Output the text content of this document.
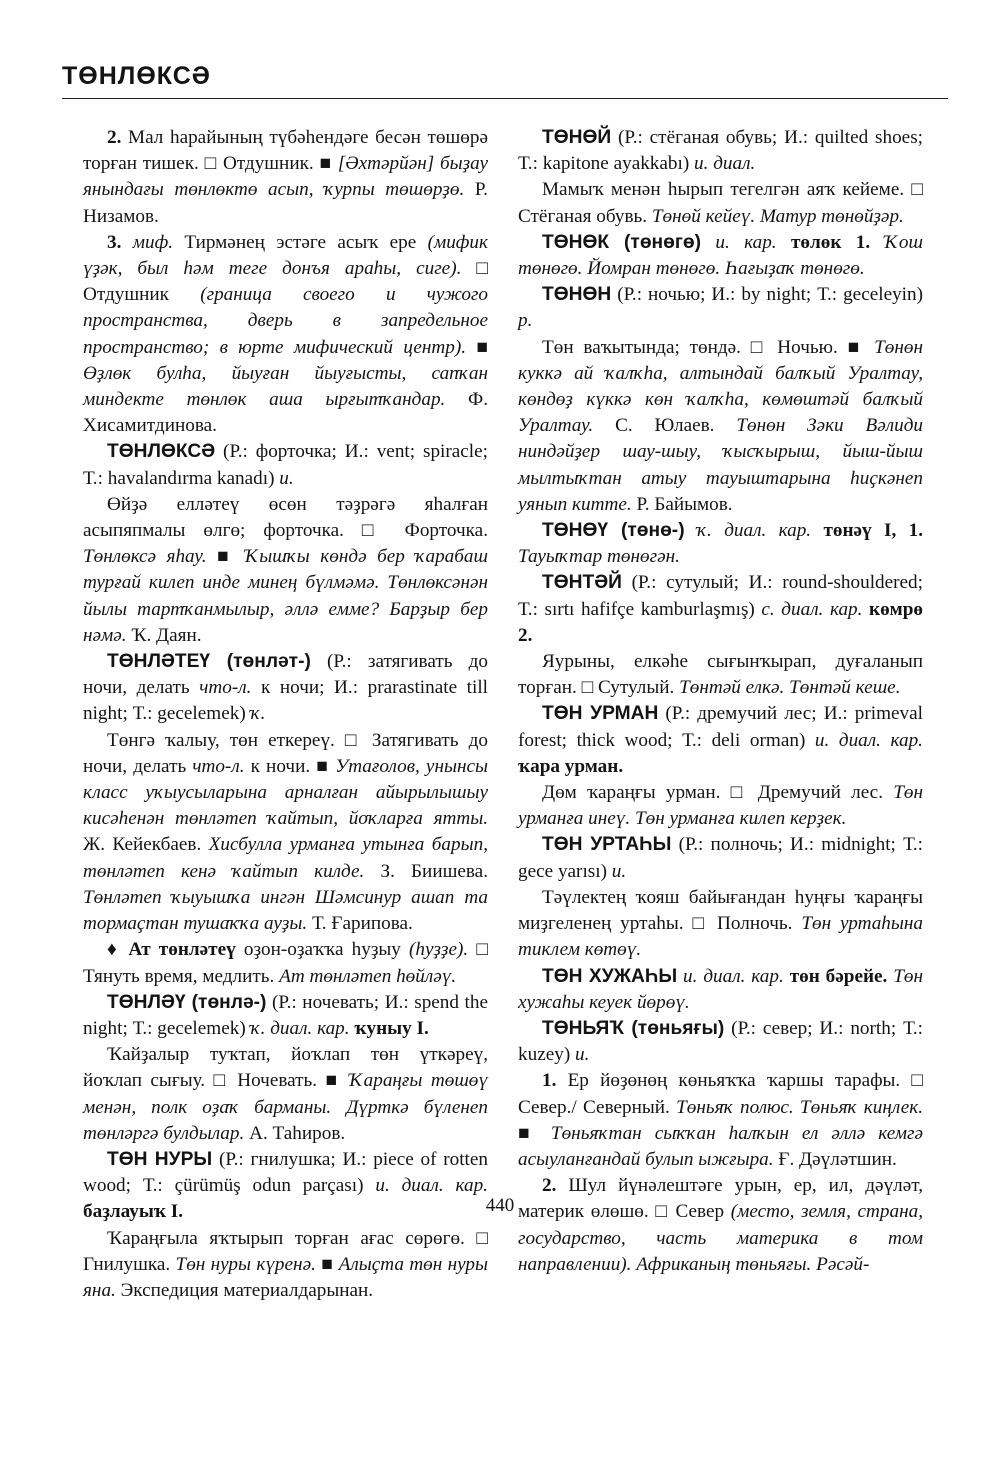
ТӨНЛӨКСӘ

2. Мал һарайының түбәһендәге бесән төшөрә торған тишек. □ Отдушник. ■ [Әхтәрйән] быҙау янындағы төнлөктө асып, ҡурпы төшөрҙө. Р. Низамов.

3. миф. Тирмәнең эстәге асыҡ ере (мифик үҙәк, был һәм теге донъя араһы, сиге). □ Отдушник (граница своего и чужого пространства, дверь в запредельное пространство; в юрте мифический центр). ■ Өҙлөк булһа, йыуған йыуғысты, сапҡан миндекте төнлөк аша ырғытҡандар. Ф. Хисамитдинова.

ТӨНЛӨКСӘ (Р.: форточка; И.: vent; spiracle; Т.: havalandırma kanadı) и.

Өйҙә елләтеү өсөн тәҙрәгә яһалған асыпяпмалы өлгө; форточка. □ Форточка. Төнлөксә яһау. ■ Ҡышҡы көндә бер ҡарабаш турғай килеп инде минең бүлмәмә. Төнлөксәнән йылы тартҡанмылыр, әллә емме? Барҙыр бер нәмә. Ҡ. Даян.

ТӨНЛӘТЕҮ (төнләт-) (Р.: затягивать до ночи, делать что-л. к ночи; И.: prarastinate till night; Т.: gecelemek) ҡ.

Төнгә ҡалыу, төн еткереү. □ Затягивать до ночи, делать что-л. к ночи. ■ Утағолов, унынсы класс уҡыусыларына арналған айырылышыу кисәһенән төнләтеп ҡайтып, йоҡларға ятты. Ж. Кейекбаев. Хисбулла урманға утынға барып, төнләтеп кенә ҡайтып килде. З. Биишева. Төнләтеп ҡыуышҡа ингән Шәмсинур ашап та тормаҫтан тушаҡҡа ауҙы. Т. Ғарипова.

♦ Ат төнләтеү оҙон-оҙаҡҡа һуҙыу (һуҙҙе). □ Тянуть время, медлить. Ат төнләтеп һөйләү.

ТӨНЛӘҮ (төнлә-) (Р.: ночевать; И.: spend the night; Т.: gecelemek) ҡ. диал. кар. ҡуныу I.

Ҡайҙалыр туҡтап, йоҡлап төн үткәреү, йоҡлап сығыу. □ Ночевать. ■ Ҡараңғы төшөү менән, полк оҙаҡ барманы. Дүрткә бүленеп төнләргә булдылар. А. Таһиров.

ТӨН НУРЫ (Р.: гнилушка; И.: piece of rotten wood; Т.: çürümüş odun parçası) и. диал. кар. баҙлауыҡ I.

Ҡараңғыла яҡтырып торған ағас сөрөгө. □ Гнилушка. Төн нуры күренә. ■ Алыҫта төн нуры яна. Экспедиция материалдарынан.

ТӨНӨЙ (Р.: стёганая обувь; И.: quilted shoes; Т.: kapitone ayakkabı) и. диал.

Мамыҡ менән һырып тегелгән аяҡ кейеме. □ Стёганая обувь. Төнөй кейеү. Матур төнөйҙәр.

ТӨНӨК (төнөгө) и. кар. төлөк 1. Ҡош төнөгө. Йомран төнөгө. Һағыҙаҡ төнөгө.

ТӨНӨН (Р.: ночью; И.: by night; Т.: geceleyin) р.

Төн ваҡытында; төндә. □ Ночью. ■ Төнөн куккә ай ҡалҡһа, алтындай балҡый Уралтау, көндөҙ күккә көн ҡалҡһа, көмөштәй балҡый Уралтау. С. Юлаев. Төнөн Зәки Вәлиди ниндәйҙер шау-шыу, ҡысҡырыш, йыш-йыш мылтыҡтан атыу тауыштарына һиҫкәнеп уянып китте. Р. Байымов.

ТӨНӨҮ (төнө-) ҡ. диал. кар. төнәү I, 1. Тауыҡтар төнөгән.

ТӨНТӘЙ (Р.: сутулый; И.: round-shouldered; Т.: sırtı hafifçe kamburlaşmış) с. диал. кар. көмрө 2.

Яурыны, елкәһе сығынҡырап, дуғаланып торған. □ Сутулый. Төнтәй елкә. Төнтәй кеше.

ТӨН УРМАН (Р.: дремучий лес; И.: primeval forest; thick wood; Т.: deli orman) и. диал. кар. ҡара урман.

Дөм ҡараңғы урман. □ Дремучий лес. Төн урманға инеү. Төн урманға килеп керҙек.

ТӨН УРТАҺЫ (Р.: полночь; И.: midnight; Т.: gece yarısı) и.

Тәүлектең ҡояш байығандан һуңғы ҡараңғы миҙгеленең уртаһы. □ Полночь. Төн уртаһына тиклем көтөү.

ТӨН ХУЖАҺЫ и. диал. кар. төн бәрейе. Төн хужаһы кеуек йөрөү.

ТӨНЬЯҠ (төньяғы) (Р.: север; И.: north; Т.: kuzey) и.

1. Ер йөҙөнөң көньяҡҡа ҡаршы тарафы. □ Север./ Северный. Төньяҡ полюс. Төньяҡ киңлек. ■ Төньяҡтан сыҡҡан һалҡын ел әллә кемгә асыуланғандай булып ыжғыра. Ғ. Дәүләтшин.

2. Шул йүнәлештәге урын, ер, ил, дәүләт, материк өлөшө. □ Север (место, земля, страна, государство, часть материка в том направлении). Африканың төньяғы. Рәсәй-

440
